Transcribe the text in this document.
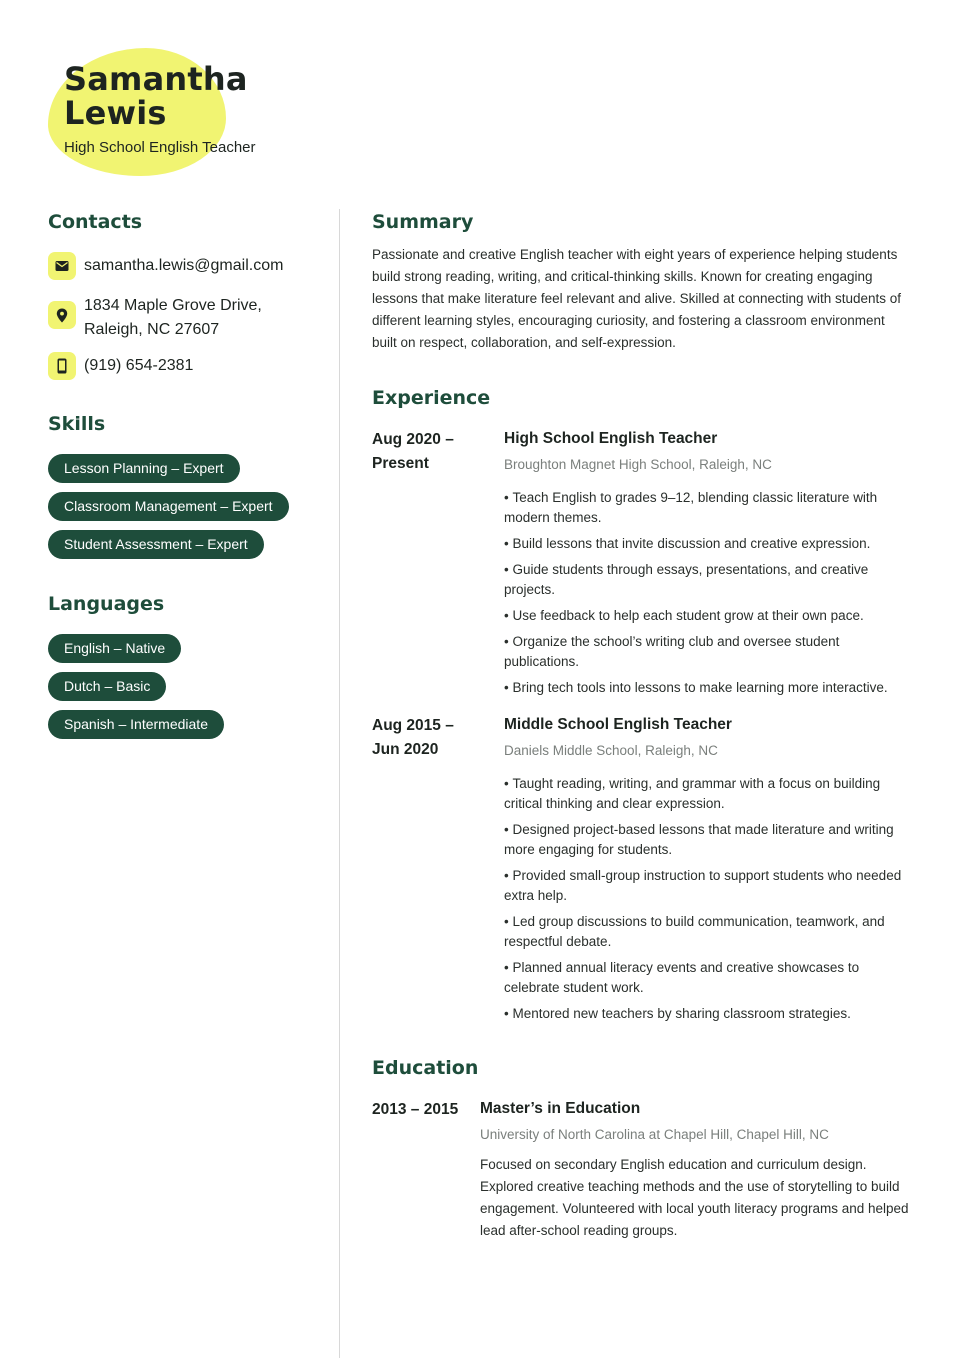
Samantha
Lewis
High School English Teacher
Contacts
samantha.lewis@gmail.com
1834 Maple Grove Drive,
Raleigh, NC 27607
(919) 654-2381
Skills
Lesson Planning – Expert
Classroom Management – Expert
Student Assessment – Expert
Languages
English – Native
Dutch – Basic
Spanish – Intermediate
Summary

Passionate and creative English teacher with eight years of experience helping students build strong reading, writing, and critical-thinking skills. Known for creating engaging lessons that make literature feel relevant and alive. Skilled at connecting with students of different learning styles, encouraging curiosity, and fostering a classroom environment built on respect, collaboration, and self-expression.

Experience
Aug 2020 –
Present
High School English Teacher
Broughton Magnet High School, Raleigh, NC
• Teach English to grades 9–12, blending classic literature with modern themes.
• Build lessons that invite discussion and creative expression.
• Guide students through essays, presentations, and creative projects.
• Use feedback to help each student grow at their own pace.
• Organize the school’s writing club and oversee student publications.
• Bring tech tools into lessons to make learning more interactive.
Aug 2015 –
Jun 2020
Middle School English Teacher
Daniels Middle School, Raleigh, NC
• Taught reading, writing, and grammar with a focus on building critical thinking and clear expression.
• Designed project-based lessons that made literature and writing more engaging for students.
• Provided small-group instruction to support students who needed extra help.
• Led group discussions to build communication, teamwork, and respectful debate.
• Planned annual literacy events and creative showcases to celebrate student work.
• Mentored new teachers by sharing classroom strategies.
Education
2013 – 2015 Master’s in Education
University of North Carolina at Chapel Hill, Chapel Hill, NC

Focused on secondary English education and curriculum design. Explored creative teaching methods and the use of storytelling to build engagement. Volunteered with local youth literacy programs and helped lead after-school reading groups.
